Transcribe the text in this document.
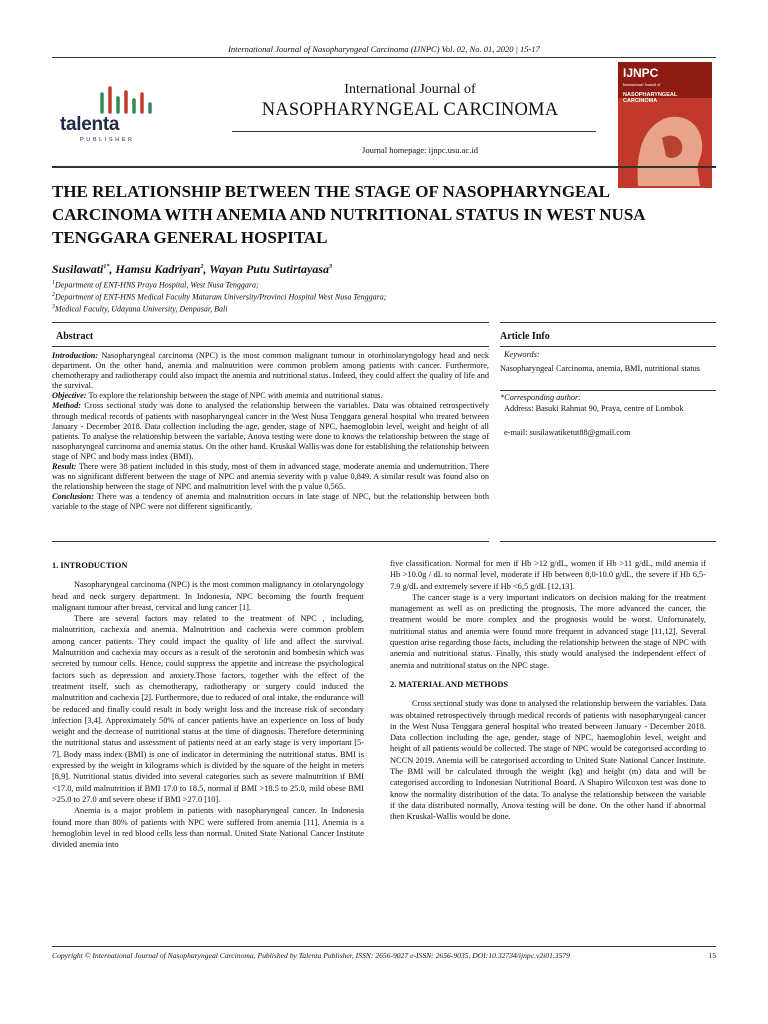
International Journal of Nasopharyngeal Carcinoma (IJNPC) Vol. 02, No. 01, 2020 | 15-17
talenta
PUBLISHER
International Journal of
NASOPHARYNGEAL CARCINOMA
Journal homepage: ijnpc.usu.ac.id
IJNPC
International Journal of
NASOPHARYNGEAL CARCINOMA
THE RELATIONSHIP BETWEEN THE STAGE OF NASOPHARYNGEAL CARCINOMA WITH ANEMIA AND NUTRITIONAL STATUS IN WEST NUSA TENGGARA GENERAL HOSPITAL
Susilawati$^{1*}$, Hamsu Kadriyan$^2$, Wayan Putu Sutirtayasa$^3$
$^1$Department of ENT-HNS Praya Hospital, West Nusa Tenggara;
$^2$Department of ENT-HNS Medical Faculty Mataram University/Provinci Hospital West Nusa Tenggara;
$^3$Medical Faculty, Udayana University, Denpasar, Bali
Abstract

Introduction: Nasopharyngeal carcinoma (NPC) is the most common malignant tumour in otorhinolaryngology head and neck department. On the other hand, anemia and malnutrition were common problem among patients with cancer. Furthermore, chemotherapy and radiotherapy could also impact the anemia and nutritional status. Indeed, they could affect the quality of life and the survival.

Objective: To explore the relationship between the stage of NPC with anemia and nutritional status.

Method: Cross sectional study was done to analysed the relationship between the variables. Data was obtained retrospectively through medical records of patients with nasopharyngeal cancer in the West Nusa Tenggara general hospital who treated between January - December 2018. Data collection including the age, gender, stage of NPC, haemoglobin level, weight and height of all patients. To analyse the relationship between the variable, Anova testing were done to knows the relationship between the stage of nasopharyngeal carcinoma and anemia status. On the other hand. Kruskal Wallis was done for establishing the relationship between stage of NPC and body mass index (BMI).

Result: There were 38 patient included in this study, most of them in advanced stage, moderate anemia and undernutrition. There was no significant different between the stage of NPC and anemia severity with p value 0,849. A similar result was found also on the relationship between the stage of NPC and malnutrition level with the p value 0,565.

Conclusion: There was a tendency of anemia and malnutrition occurs in late stage of NPC, but the relationship between both variable to the stage of NPC were not different significantly.

Article Info
Keywords:
Nasopharyngeal Carcinoma, anemia, BMI, nutritional status
*Corresponding author:
Address: Basuki Rahmat 90, Praya, centre of Lombok
e-mail: susilawatiketut88@gmail.com
1. INTRODUCTION

Nasopharyngeal carcinoma (NPC) is the most common malignancy in otolaryngology head and neck surgery department. In Indonesia, NPC becoming the fourth frequent malignant tumour after breast, cervical and lung cancer [1].

There are several factors may related to the treatment of NPC , including, malnutrition, cachexia and anemia. Malnutrition and cachexia were common problem among cancer patients. They could impact the quality of life and affect the survival. Malnutrition and cachexia may occurs as a result of the serotonin and bombesin which was secreted by tumour cells. Hence, could suppress the appetite and increase the psychological factors such as depression and anxiety.Those factors, together with the effect of the treatment itself, such as chemotherapy, radiotherapy or surgery could induced the malnutrition and cachexia [2]. Furthermore, due to reduced of oral intake, the endurance will be reduced and finally could result in body weight loss and the increase risk of secondary infection [3,4]. Approximately 50% of cancer patients have an experience on loss of body weight and the decrease of nutritional status at the time of diagnosis. Therefore determining the nutritional status and assessment of patients need at an early stage is very important [5-7]. Body mass index (BMI) is one of indicator in determining the nutritional status. BMI is expressed by the weight in kilograms which is divided by the square of the height in meters [8,9]. Nutritional status divided into several categories such as severe malnutrition if BMI <17.0, mild malnutrition if BMI 17.0 to 18.5, normal if BMI >18.5 to 25.0, mild obese BMI >25.0 to 27.0 and severe obese if BMI >27.0 [10].

Anemia is a major problem in patients with nasopharyngeal cancer. In Indonesia found more than 80% of patients with NPC were suffered from anemia [11]. Anemia is a hemoglobin level in red blood cells less than normal. United State National Cancer Institute divided anemia into

five classification. Normal for men if Hb >12 g/dL, women if Hb >11 g/dL, mild anemia if Hb >10.0g / dL to normal level, moderate if Hb between 8.0-10.0 g/dL, the severe if Hb 6,5-7.9 g/dL and extremely severe if Hb <6,5 g/dL [12,13].

The cancer stage is a very important indicators on decision making for the treatment management as well as on predicting the prognosis. The more advanced the cancer, the treatment would be more complex and the prognosis would be worst. Unfortunately, nutritional status and anemia were found more frequent in advanced stage [11,12]. Several question arise regarding those facts, including the relationship between the stage of NPC with anemia and nutritional status. Finally, this study would analysed the independent effect of anemia and nutritional status on the NPC stage.

2. MATERIAL AND METHODS

Cross sectional study was done to analysed the relationship between the variables. Data was obtained retrospectively through medical records of patients with nasopharyngeal cancer in the West Nusa Tenggara general hospital who treated between January - December 2018. Data collection including the age, gender, stage of NPC, haemoglobin level, weight and height of all patients would be collected. The stage of NPC would be categorised according to NCCN 2019. Anemia will be categorised according to United State National Cancer Institute. The BMI will be calculated through the weight (kg) and height (m) data and will be categorised according to Indonesian Nutritional Board. A Shapiro Wilcoxon test was done to know the normality distribution of the data. To analyse the relationship between the variable if the data distributed normally, Anova testing will be done. On the other hand if abnormal then Kruskal-Wallis would be done.

Copyright © International Journal of Nasopharyngeal Carcinoma, Published by Talenta Publisher, ISSN: 2656-9027 e-ISSN: 2656-9035, DOI:10.32734/ijnpc.v2i01.3579	15
